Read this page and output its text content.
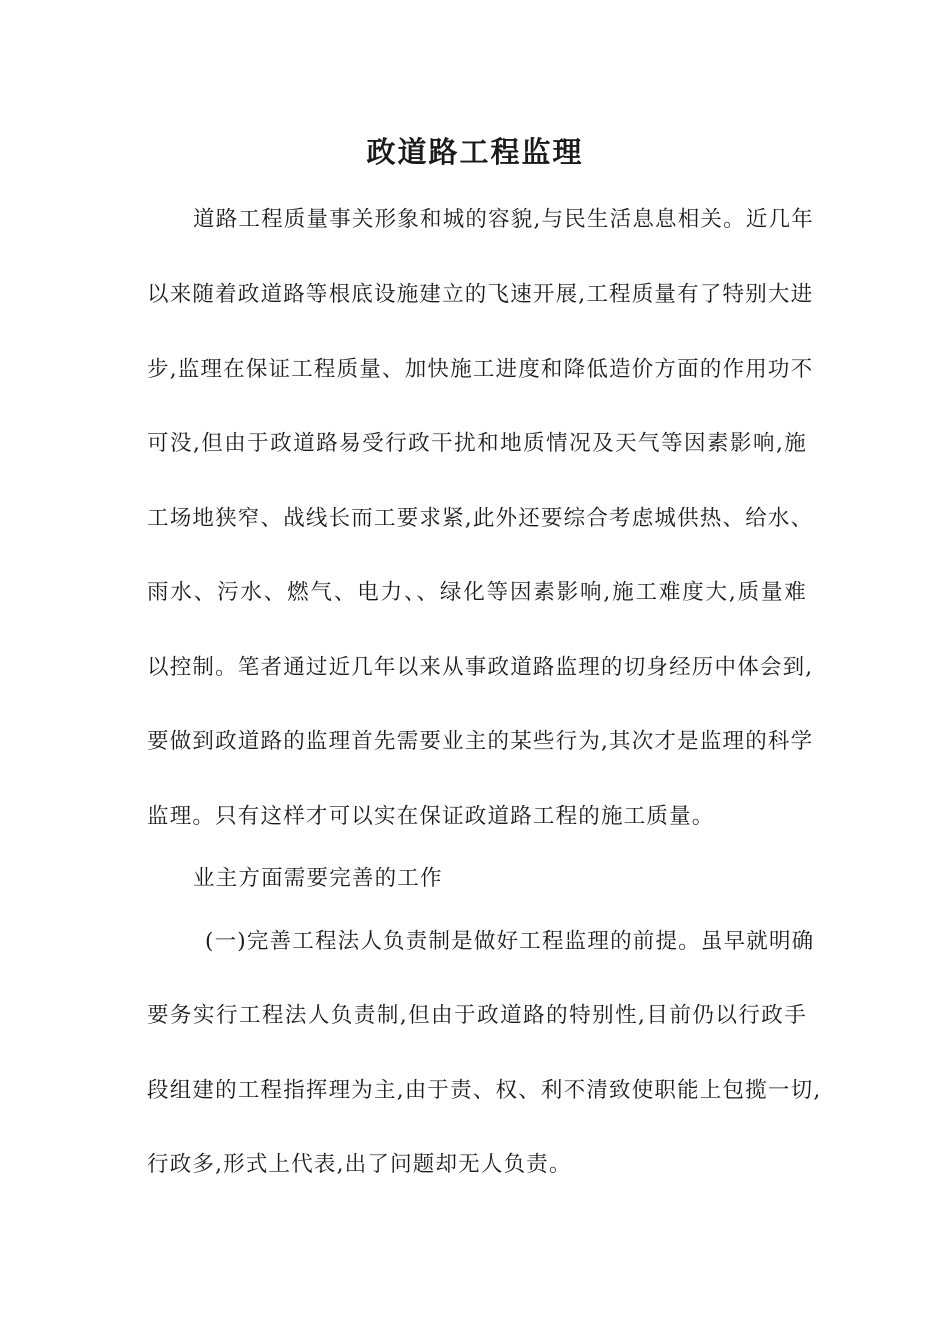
政道路工程监理
道路工程质量事关形象和城的容貌,与民生活息息相关。近几年
以来随着政道路等根底设施建立的飞速开展,工程质量有了特别大进
步,监理在保证工程质量、加快施工进度和降低造价方面的作用功不
可没,但由于政道路易受行政干扰和地质情况及天气等因素影响,施
工场地狭窄、战线长而工要求紧,此外还要综合考虑城供热、给水、
雨水、污水、燃气、电力、、绿化等因素影响,施工难度大,质量难
以控制。笔者通过近几年以来从事政道路监理的切身经历中体会到,
要做到政道路的监理首先需要业主的某些行为,其次才是监理的科学
监理。只有这样才可以实在保证政道路工程的施工质量。
业主方面需要完善的工作
(一)完善工程法人负责制是做好工程监理的前提。虽早就明确
要务实行工程法人负责制,但由于政道路的特别性,目前仍以行政手
段组建的工程指挥理为主,由于责、权、利不清致使职能上包揽一切,
行政多,形式上代表,出了问题却无人负责。
